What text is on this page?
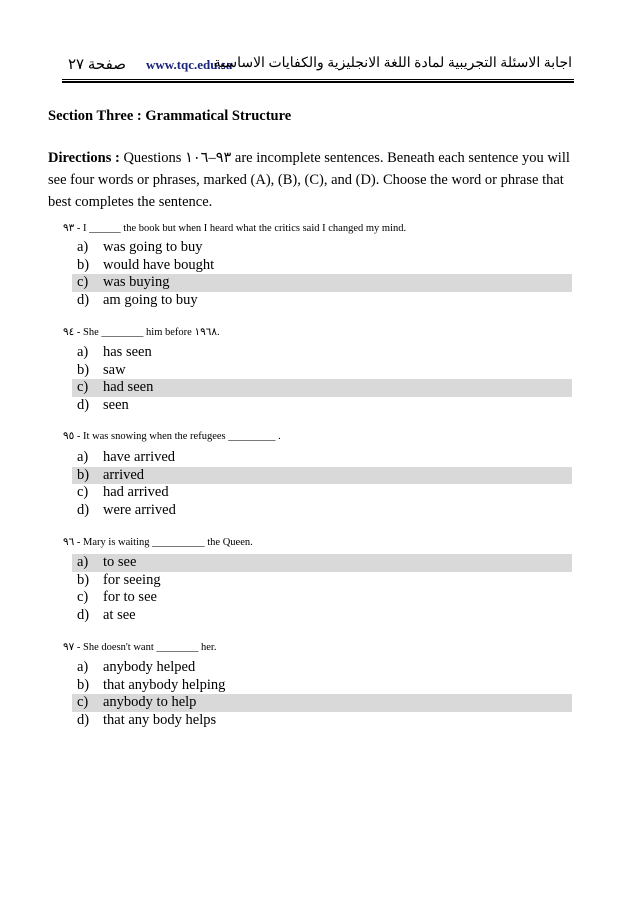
صفحة ٢٧ www.tqc.edu.sa
اجابة الاسئلة التجريبية لمادة اللغة الانجليزية والكفايات الاساسية
Section Three : Grammatical Structure
Directions : Questions ٩٣–١٠٦ are incomplete sentences. Beneath each sentence you will see four words or phrases, marked (A), (B), (C), and (D). Choose the word or phrase that best completes the sentence.
٩٣ - I ______ the book but when I heard what the critics said I changed my mind.
a) was going to buy
b) would have bought
c) was buying
d) am going to buy
٩٤ - She ________ him before ١٩٦٨.
a) has seen
b) saw
c) had seen
d) seen
٩٥ - It was snowing when the refugees _________ .
a) have arrived
b) arrived
c) had arrived
d) were arrived
٩٦ - Mary is waiting __________ the Queen.
a) to see
b) for seeing
c) for to see
d) at see
٩٧ - She doesn't want ________ her.
a) anybody helped
b) that anybody helping
c) anybody to help
d) that any body helps
